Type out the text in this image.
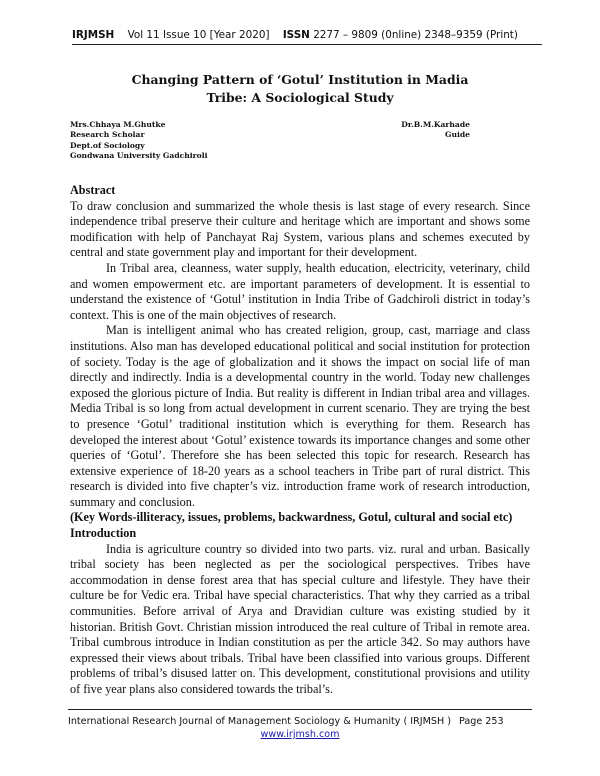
IRJMSH Vol 11 Issue 10 [Year 2020] ISSN 2277 – 9809 (0nline) 2348–9359 (Print)
Changing Pattern of ‘Gotul’ Institution in Madia
Tribe: A Sociological Study
Mrs.Chhaya M.Ghutke
Research Scholar
Dept.of Sociology
Gondwana University Gadchiroli
Dr.B.M.Karhade
Guide
Abstract

To draw conclusion and summarized the whole thesis is last stage of every research. Since independence tribal preserve their culture and heritage which are important and shows some modification with help of Panchayat Raj System, various plans and schemes executed by central and state government play and important for their development.

In Tribal area, cleanness, water supply, health education, electricity, veterinary, child and women empowerment etc. are important parameters of development. It is essential to understand the existence of ‘Gotul’ institution in India Tribe of Gadchiroli district in today’s context. This is one of the main objectives of research.

Man is intelligent animal who has created religion, group, cast, marriage and class institutions. Also man has developed educational political and social institution for protection of society. Today is the age of globalization and it shows the impact on social life of man directly and indirectly. India is a developmental country in the world. Today new challenges exposed the glorious picture of India. But reality is different in Indian tribal area and villages. Media Tribal is so long from actual development in current scenario. They are trying the best to presence ‘Gotul’ traditional institution which is everything for them. Research has developed the interest about ‘Gotul’ existence towards its importance changes and some other queries of ‘Gotul’. Therefore she has been selected this topic for research. Research has extensive experience of 18-20 years as a school teachers in Tribe part of rural district. This research is divided into five chapter’s viz. introduction frame work of research introduction, summary and conclusion.

(Key Words-illiteracy, issues, problems, backwardness, Gotul, cultural and social etc)
Introduction

India is agriculture country so divided into two parts. viz. rural and urban. Basically tribal society has been neglected as per the sociological perspectives. Tribes have accommodation in dense forest area that has special culture and lifestyle. They have their culture be for Vedic era. Tribal have special characteristics. That why they carried as a tribal communities. Before arrival of Arya and Dravidian culture was existing studied by it historian. British Govt. Christian mission introduced the real culture of Tribal in remote area. Tribal cumbrous introduce in Indian constitution as per the article 342. So may authors have expressed their views about tribals. Tribal have been classified into various groups. Different problems of tribal’s disused latter on. This development, constitutional provisions and utility of five year plans also considered towards the tribal’s.

International Research Journal of Management Sociology & Humanity ( IRJMSH ) Page 253
www.irjmsh.com
